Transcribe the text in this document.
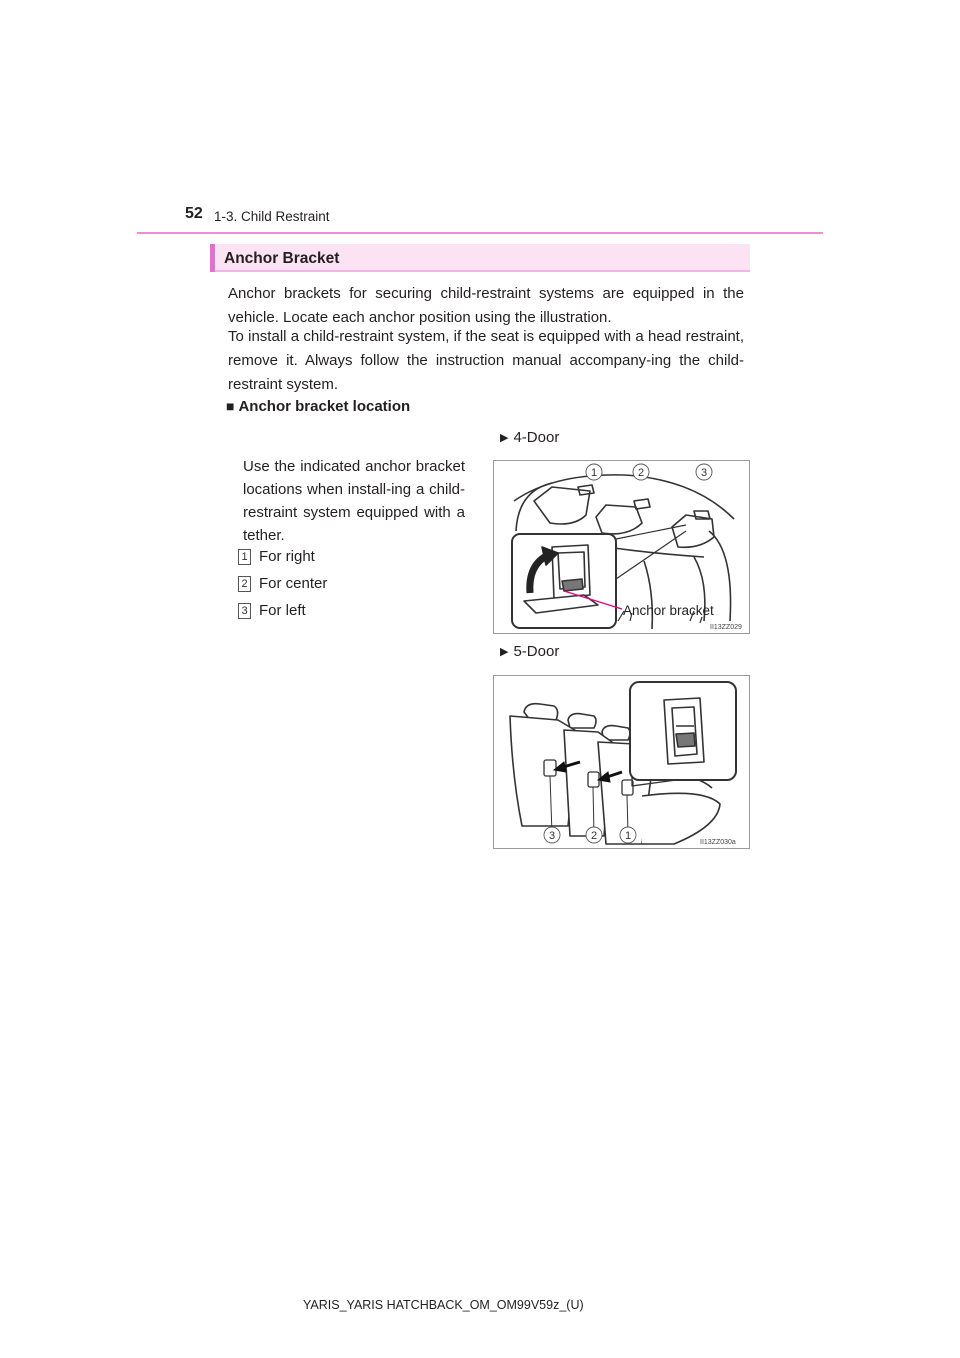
52 1-3. Child Restraint
Anchor Bracket

Anchor brackets for securing child-restraint systems are equipped in the vehicle. Locate each anchor position using the illustration.

To install a child-restraint system, if the seat is equipped with a head restraint, remove it. Always follow the instruction manual accompany-ing the child-restraint system.

■ Anchor bracket location

Use the indicated anchor bracket locations when install-ing a child-restraint system equipped with a tether.

1 For right
2 For center
3 For left
▶ 4-Door
1	2	3
Anchor bracket
II13ZZ029
▶ 5-Door
3	2	1
II13ZZ030a
YARIS_YARIS HATCHBACK_OM_OM99V59z_(U)
